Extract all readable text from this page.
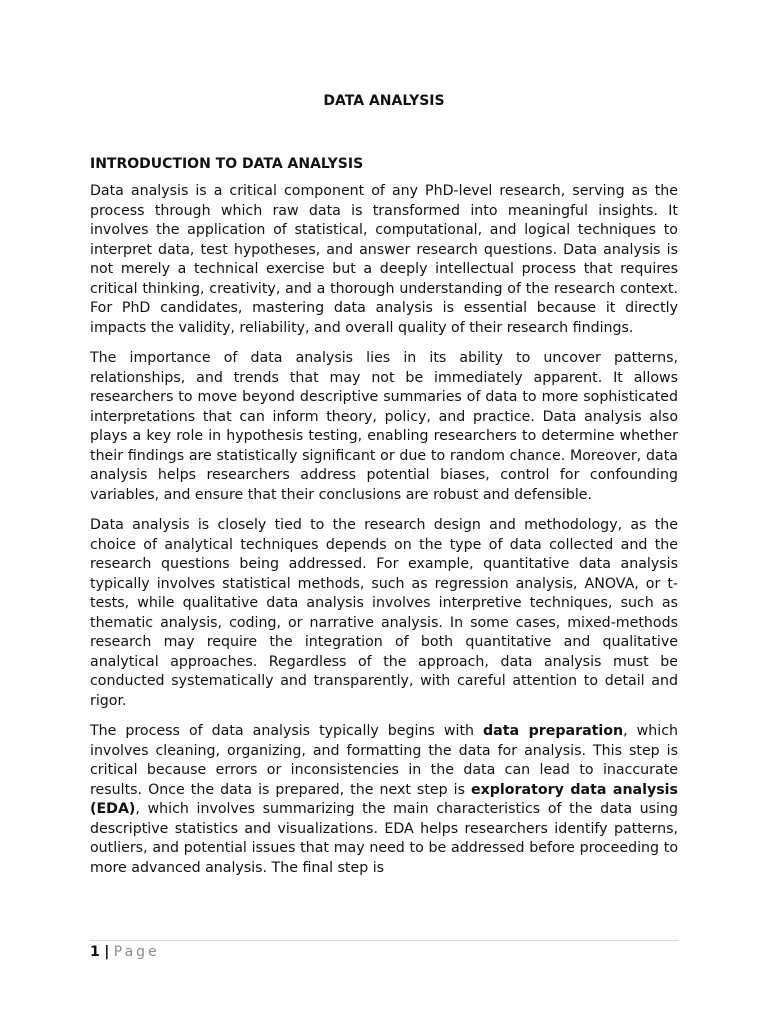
DATA ANALYSIS
INTRODUCTION TO DATA ANALYSIS

Data analysis is a critical component of any PhD-level research, serving as the process through which raw data is transformed into meaningful insights. It involves the application of statistical, computational, and logical techniques to interpret data, test hypotheses, and answer research questions. Data analysis is not merely a technical exercise but a deeply intellectual process that requires critical thinking, creativity, and a thorough understanding of the research context. For PhD candidates, mastering data analysis is essential because it directly impacts the validity, reliability, and overall quality of their research findings.

The importance of data analysis lies in its ability to uncover patterns, relationships, and trends that may not be immediately apparent. It allows researchers to move beyond descriptive summaries of data to more sophisticated interpretations that can inform theory, policy, and practice. Data analysis also plays a key role in hypothesis testing, enabling researchers to determine whether their findings are statistically significant or due to random chance. Moreover, data analysis helps researchers address potential biases, control for confounding variables, and ensure that their conclusions are robust and defensible.

Data analysis is closely tied to the research design and methodology, as the choice of analytical techniques depends on the type of data collected and the research questions being addressed. For example, quantitative data analysis typically involves statistical methods, such as regression analysis, ANOVA, or t-tests, while qualitative data analysis involves interpretive techniques, such as thematic analysis, coding, or narrative analysis. In some cases, mixed-methods research may require the integration of both quantitative and qualitative analytical approaches. Regardless of the approach, data analysis must be conducted systematically and transparently, with careful attention to detail and rigor.

The process of data analysis typically begins with data preparation, which involves cleaning, organizing, and formatting the data for analysis. This step is critical because errors or inconsistencies in the data can lead to inaccurate results. Once the data is prepared, the next step is exploratory data analysis (EDA), which involves summarizing the main characteristics of the data using descriptive statistics and visualizations. EDA helps researchers identify patterns, outliers, and potential issues that may need to be addressed before proceeding to more advanced analysis. The final step is

1 | Page
